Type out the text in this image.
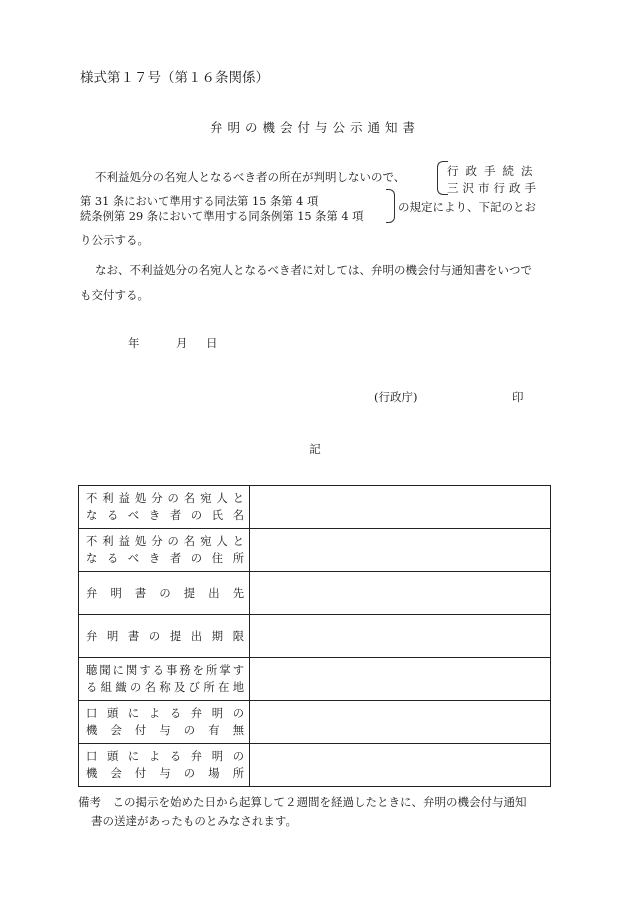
様式第１７号（第１６条関係）
弁明の機会付与公示通知書
不利益処分の名宛人となるべき者の所在が判明しないので、	行政手続法
三沢市行政手
第 31 条において準用する同法第 15 条第 4 項
続条例第 29 条において準用する同条例第 15 条第 4 項
の規定により、下記のとお
り公示する。
なお、不利益処分の名宛人となるべき者に対しては、弁明の機会付与通知書をいつで
も交付する。
年	月 日
(行政庁)	印
記
不利益処分の名宛人と
なるべき者の氏名	

不利益処分の名宛人と
なるべき者の住所	

弁明書の提出先	

弁明書の提出期限	

聴聞に関する事務を所掌す
る組織の名称及び所在地	

口頭による弁明の
機会付与の有無	

口頭による弁明の
機会付与の場所	

備考　この掲示を始めた日から起算して２週間を経過したときに、弁明の機会付与通知
書の送達があったものとみなされます。
